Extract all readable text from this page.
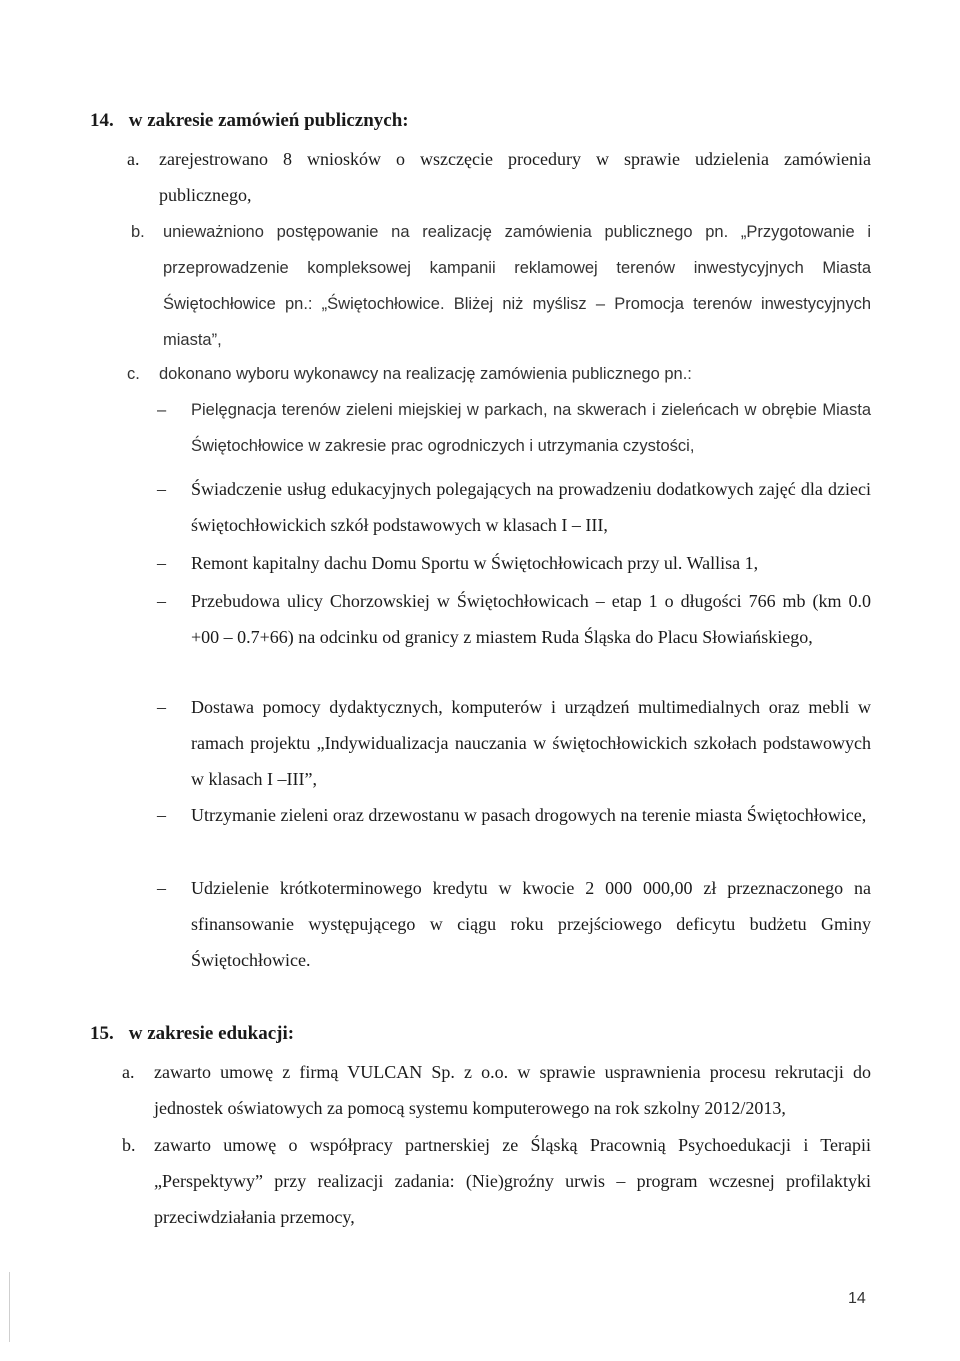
14. w zakresie zamówień publicznych:
a. zarejestrowano 8 wniosków o wszczęcie procedury w sprawie udzielenia zamówienia publicznego,
b. unieważniono postępowanie na realizację zamówienia publicznego pn. „Przygotowanie i przeprowadzenie kompleksowej kampanii reklamowej terenów inwestycyjnych Miasta Świętochłowice pn.: „Świętochłowice. Bliżej niż myślisz – Promocja terenów inwestycyjnych miasta”,
c. dokonano wyboru wykonawcy na realizację zamówienia publicznego pn.:
– Pielęgnacja terenów zieleni miejskiej w parkach, na skwerach i zieleńcach w obrębie Miasta Świętochłowice w zakresie prac ogrodniczych i utrzymania czystości,
– Świadczenie usług edukacyjnych polegających na prowadzeniu dodatkowych zajęć dla dzieci świętochłowickich szkół podstawowych w klasach I – III,
– Remont kapitalny dachu Domu Sportu w Świętochłowicach przy ul. Wallisa 1,
– Przebudowa ulicy Chorzowskiej w Świętochłowicach – etap 1 o długości 766 mb (km 0.0 +00 – 0.7+66) na odcinku od granicy z miastem Ruda Śląska do Placu Słowiańskiego,
– Dostawa pomocy dydaktycznych, komputerów i urządzeń multimedialnych oraz mebli w ramach projektu „Indywidualizacja nauczania w świętochłowickich szkołach podstawowych w klasach I –III”,
– Utrzymanie zieleni oraz drzewostanu w pasach drogowych na terenie miasta Świętochłowice,
– Udzielenie krótkoterminowego kredytu w kwocie 2 000 000,00 zł przeznaczonego na sfinansowanie występującego w ciągu roku przejściowego deficytu budżetu Gminy Świętochłowice.
15. w zakresie edukacji:
a. zawarto umowę z firmą VULCAN Sp. z o.o. w sprawie usprawnienia procesu rekrutacji do jednostek oświatowych za pomocą systemu komputerowego na rok szkolny 2012/2013,
b. zawarto umowę o współpracy partnerskiej ze Śląską Pracownią Psychoedukacji i Terapii „Perspektywy” przy realizacji zadania: (Nie)groźny urwis – program wczesnej profilaktyki przeciwdziałania przemocy,
14
